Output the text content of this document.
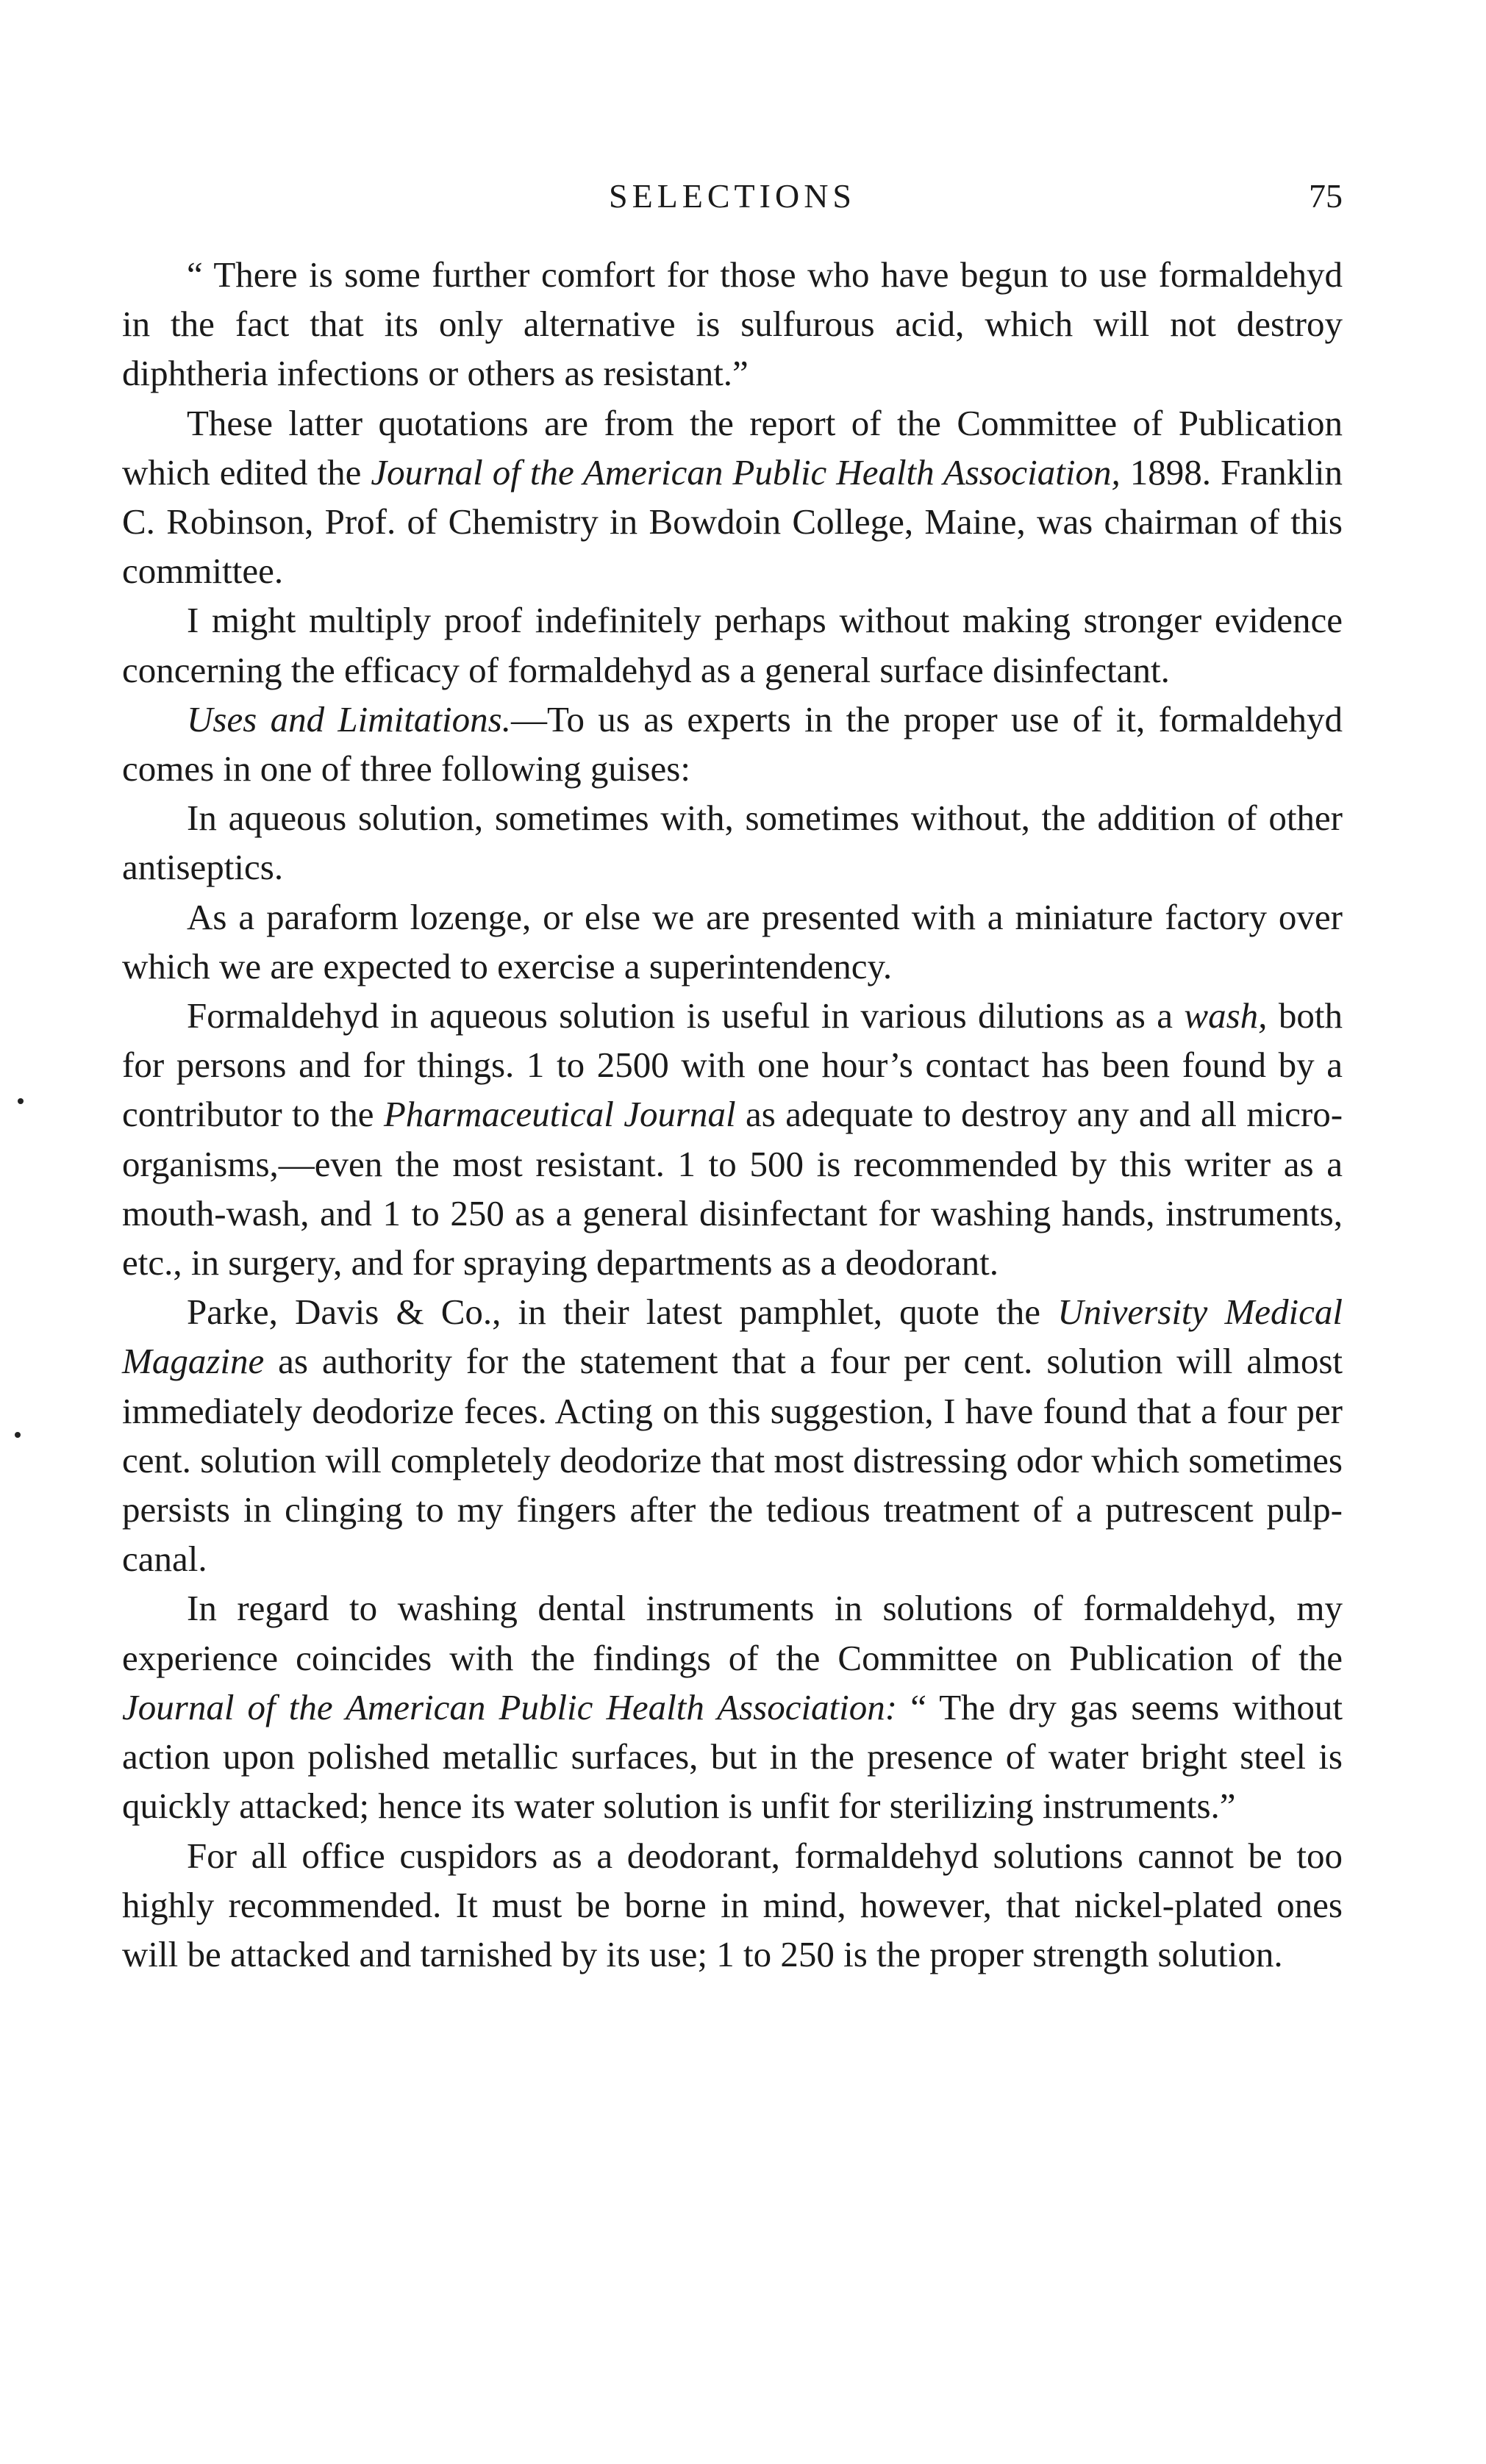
SELECTIONS	75

“ There is some further comfort for those who have begun to use formaldehyd in the fact that its only alternative is sulfurous acid, which will not destroy diphtheria infections or others as resistant.”

These latter quotations are from the report of the Committee of Publication which edited the Journal of the American Public Health Association, 1898. Franklin C. Robinson, Prof. of Chemistry in Bowdoin College, Maine, was chairman of this committee.

I might multiply proof indefinitely perhaps without making stronger evidence concerning the efficacy of formaldehyd as a general surface disinfectant.

Uses and Limitations.—To us as experts in the proper use of it, formaldehyd comes in one of three following guises:

In aqueous solution, sometimes with, sometimes without, the addition of other antiseptics.

As a paraform lozenge, or else we are presented with a miniature factory over which we are expected to exercise a superintendency.

Formaldehyd in aqueous solution is useful in various dilutions as a wash, both for persons and for things. 1 to 2500 with one hour’s contact has been found by a contributor to the Pharmaceutical Journal as adequate to destroy any and all micro-organisms,—even the most resistant. 1 to 500 is recommended by this writer as a mouth-wash, and 1 to 250 as a general disinfectant for washing hands, instruments, etc., in surgery, and for spraying departments as a deodorant.

Parke, Davis & Co., in their latest pamphlet, quote the University Medical Magazine as authority for the statement that a four per cent. solution will almost immediately deodorize feces. Acting on this suggestion, I have found that a four per cent. solution will completely deodorize that most distressing odor which sometimes persists in clinging to my fingers after the tedious treatment of a putrescent pulp-canal.

In regard to washing dental instruments in solutions of formaldehyd, my experience coincides with the findings of the Committee on Publication of the Journal of the American Public Health Association: “ The dry gas seems without action upon polished metallic surfaces, but in the presence of water bright steel is quickly attacked; hence its water solution is unfit for sterilizing instruments.”

For all office cuspidors as a deodorant, formaldehyd solutions cannot be too highly recommended. It must be borne in mind, however, that nickel-plated ones will be attacked and tarnished by its use; 1 to 250 is the proper strength solution.
